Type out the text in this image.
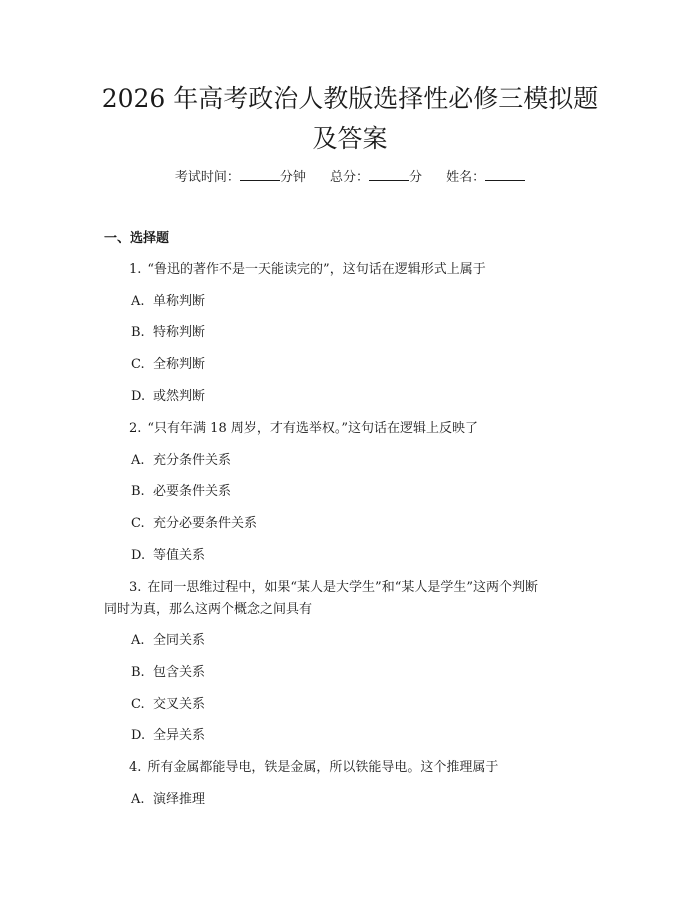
2026 年高考政治人教版选择性必修三模拟题
及答案
考试时间：	分钟 总分：	分 姓名：
一、选择题
1. “鲁迅的著作不是一天能读完的”，这句话在逻辑形式上属于
A. 单称判断
B. 特称判断
C. 全称判断
D. 或然判断
2. “只有年满 18 周岁，才有选举权。”这句话在逻辑上反映了
A. 充分条件关系
B. 必要条件关系
C. 充分必要条件关系
D. 等值关系
3. 在同一思维过程中，如果“某人是大学生”和“某人是学生”这两个判断
同时为真，那么这两个概念之间具有
A. 全同关系
B. 包含关系
C. 交叉关系
D. 全异关系
4. 所有金属都能导电，铁是金属，所以铁能导电。这个推理属于
A. 演绎推理
